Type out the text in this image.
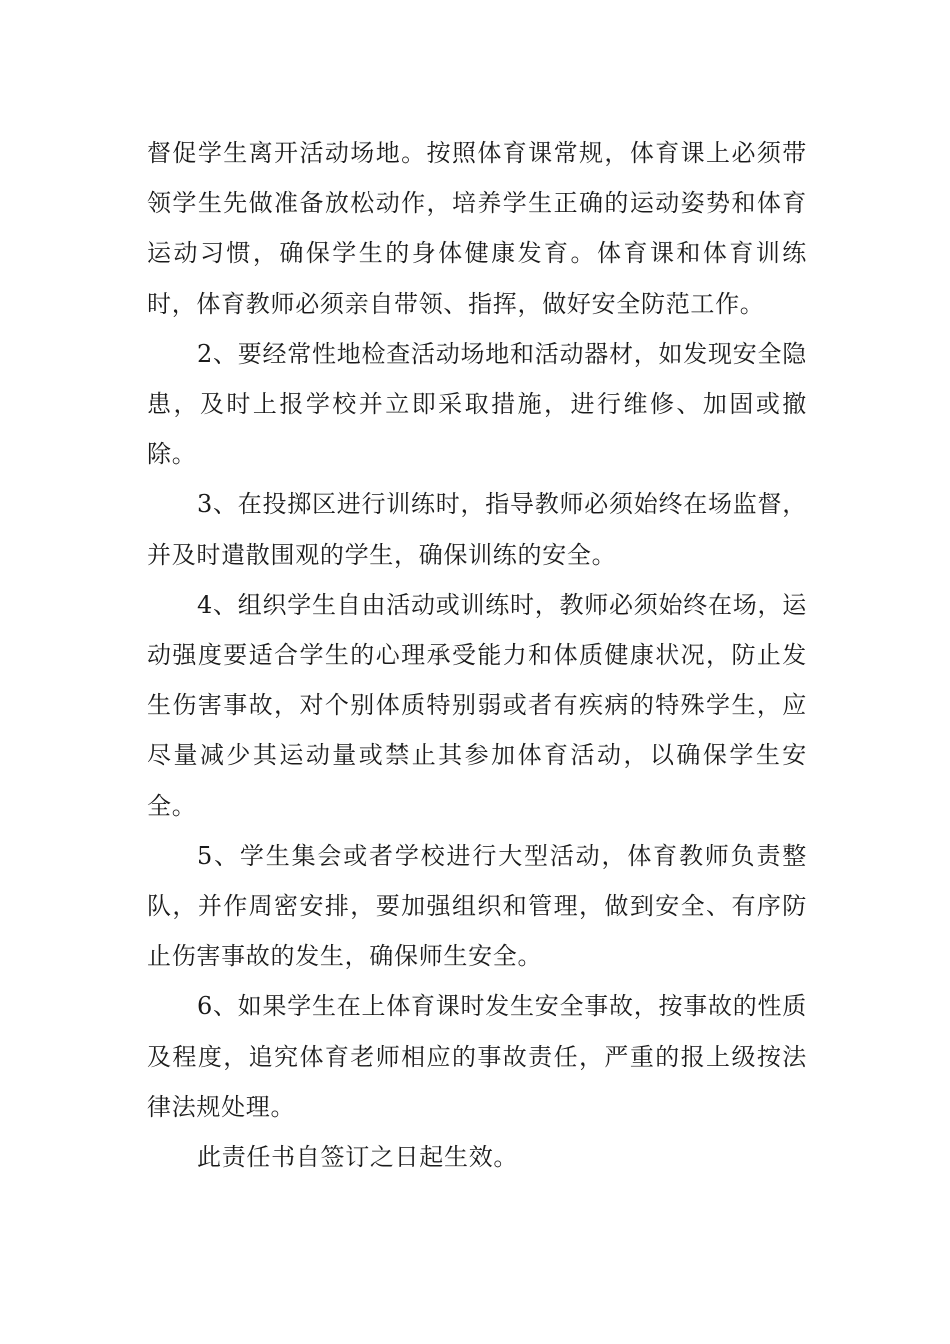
督促学生离开活动场地。按照体育课常规，体育课上必须带领学生先做准备放松动作，培养学生正确的运动姿势和体育运动习惯，确保学生的身体健康发育。体育课和体育训练时，体育教师必须亲自带领、指挥，做好安全防范工作。

2、要经常性地检查活动场地和活动器材，如发现安全隐患，及时上报学校并立即采取措施，进行维修、加固或撤除。

3、在投掷区进行训练时，指导教师必须始终在场监督，并及时遣散围观的学生，确保训练的安全。

4、组织学生自由活动或训练时，教师必须始终在场，运动强度要适合学生的心理承受能力和体质健康状况，防止发生伤害事故，对个别体质特别弱或者有疾病的特殊学生，应尽量减少其运动量或禁止其参加体育活动，以确保学生安全。

5、学生集会或者学校进行大型活动，体育教师负责整队，并作周密安排，要加强组织和管理，做到安全、有序防止伤害事故的发生，确保师生安全。

6、如果学生在上体育课时发生安全事故，按事故的性质及程度，追究体育老师相应的事故责任，严重的报上级按法律法规处理。

此责任书自签订之日起生效。
